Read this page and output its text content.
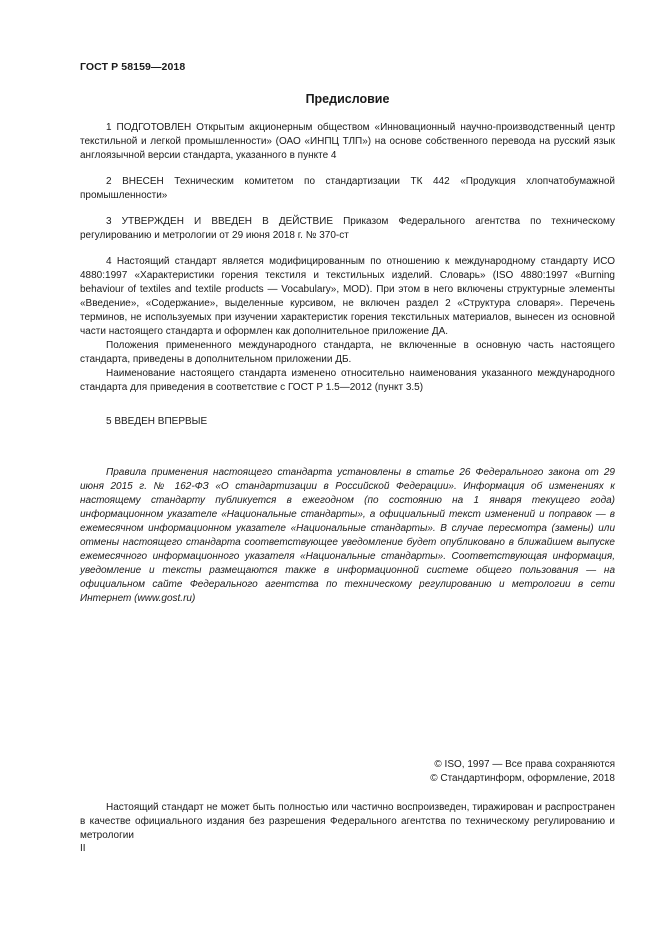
ГОСТ Р 58159—2018
Предисловие

1 ПОДГОТОВЛЕН Открытым акционерным обществом «Инновационный научно-производственный центр текстильной и легкой промышленности» (ОАО «ИНПЦ ТЛП») на основе собственного перевода на русский язык англоязычной версии стандарта, указанного в пункте 4

2 ВНЕСЕН Техническим комитетом по стандартизации ТК 442 «Продукция хлопчатобумажной промышленности»

3 УТВЕРЖДЕН И ВВЕДЕН В ДЕЙСТВИЕ Приказом Федерального агентства по техническому регулированию и метрологии от 29 июня 2018 г. № 370-ст

4 Настоящий стандарт является модифицированным по отношению к международному стандарту ИСО 4880:1997 «Характеристики горения текстиля и текстильных изделий. Словарь» (ISO 4880:1997 «Burning behaviour of textiles and textile products — Vocabulary», MOD). При этом в него включены структурные элементы «Введение», «Содержание», выделенные курсивом, не включен раздел 2 «Структура словаря». Перечень терминов, не используемых при изучении характеристик горения текстильных материалов, вынесен из основной части настоящего стандарта и оформлен как дополнительное приложение ДА.

Положения примененного международного стандарта, не включенные в основную часть настоящего стандарта, приведены в дополнительном приложении ДБ.

Наименование настоящего стандарта изменено относительно наименования указанного международного стандарта для приведения в соответствие с ГОСТ Р 1.5—2012 (пункт 3.5)

5 ВВЕДЕН ВПЕРВЫЕ

Правила применения настоящего стандарта установлены в статье 26 Федерального закона от 29 июня 2015 г. № 162-ФЗ «О стандартизации в Российской Федерации». Информация об изменениях к настоящему стандарту публикуется в ежегодном (по состоянию на 1 января текущего года) информационном указателе «Национальные стандарты», а официальный текст изменений и поправок — в ежемесячном информационном указателе «Национальные стандарты». В случае пересмотра (замены) или отмены настоящего стандарта соответствующее уведомление будет опубликовано в ближайшем выпуске ежемесячного информационного указателя «Национальные стандарты». Соответствующая информация, уведомление и тексты размещаются также в информационной системе общего пользования — на официальном сайте Федерального агентства по техническому регулированию и метрологии в сети Интернет (www.gost.ru)

© ISO, 1997 — Все права сохраняются
© Стандартинформ, оформление, 2018

Настоящий стандарт не может быть полностью или частично воспроизведен, тиражирован и распространен в качестве официального издания без разрешения Федерального агентства по техническому регулированию и метрологии

II
